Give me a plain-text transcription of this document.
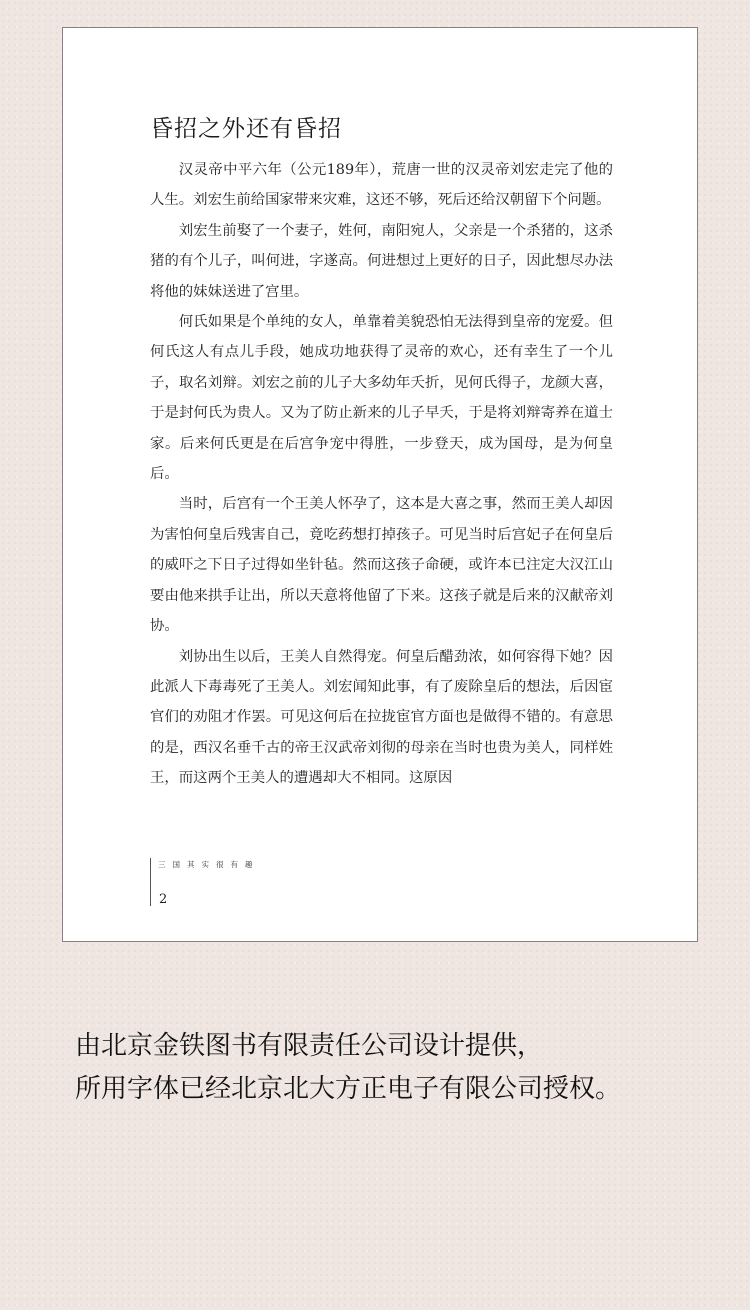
昏招之外还有昏招

汉灵帝中平六年（公元189年），荒唐一世的汉灵帝刘宏走完了他的人生。刘宏生前给国家带来灾难，这还不够，死后还给汉朝留下个问题。

刘宏生前娶了一个妻子，姓何，南阳宛人，父亲是一个杀猪的，这杀猪的有个儿子，叫何进，字遂高。何进想过上更好的日子，因此想尽办法将他的妹妹送进了宫里。

何氏如果是个单纯的女人，单靠着美貌恐怕无法得到皇帝的宠爱。但何氏这人有点儿手段，她成功地获得了灵帝的欢心，还有幸生了一个儿子，取名刘辩。刘宏之前的儿子大多幼年夭折，见何氏得子，龙颜大喜，于是封何氏为贵人。又为了防止新来的儿子早夭，于是将刘辩寄养在道士家。后来何氏更是在后宫争宠中得胜，一步登天，成为国母，是为何皇后。

当时，后宫有一个王美人怀孕了，这本是大喜之事，然而王美人却因为害怕何皇后残害自己，竟吃药想打掉孩子。可见当时后宫妃子在何皇后的威吓之下日子过得如坐针毡。然而这孩子命硬，或许本已注定大汉江山要由他来拱手让出，所以天意将他留了下来。这孩子就是后来的汉献帝刘协。

刘协出生以后，王美人自然得宠。何皇后醋劲浓，如何容得下她？因此派人下毒毒死了王美人。刘宏闻知此事，有了废除皇后的想法，后因宦官们的劝阻才作罢。可见这何后在拉拢宦官方面也是做得不错的。有意思的是，西汉名垂千古的帝王汉武帝刘彻的母亲在当时也贵为美人，同样姓王，而这两个王美人的遭遇却大不相同。这原因

三国其实很有趣
2

由北京金铁图书有限责任公司设计提供，

所用字体已经北京北大方正电子有限公司授权。
